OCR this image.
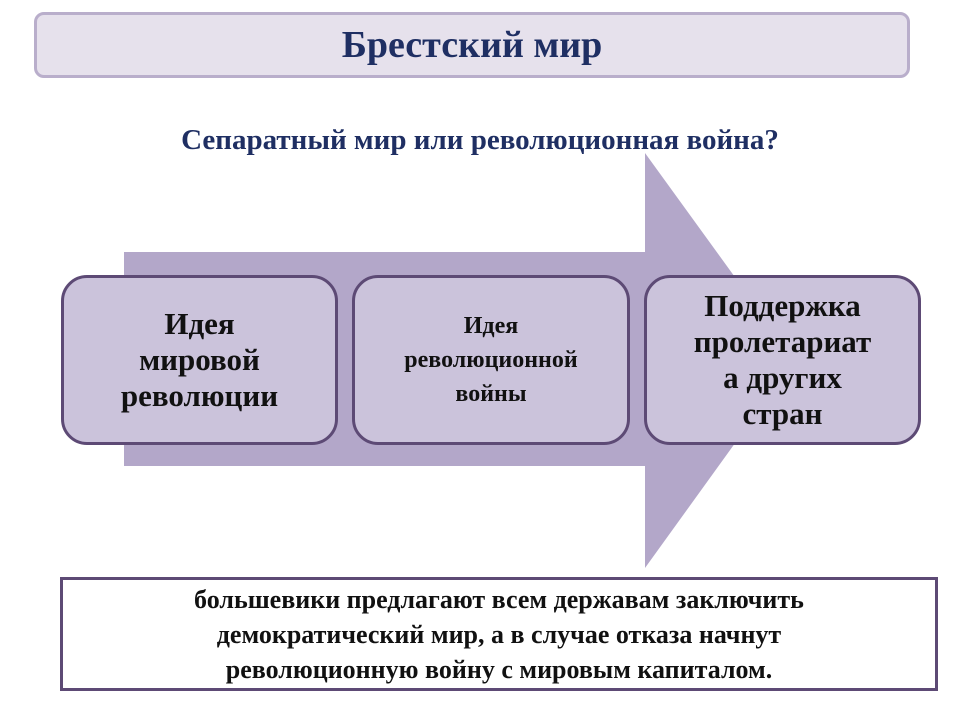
Брестский мир
Сепаратный мир или революционная война?
Идея
мировой
революции
Идея
революционной
войны
Поддержка
пролетариат
а других
стран
большевики предлагают всем державам заключить
демократический мир, а в случае отказа начнут
революционную войну с мировым капиталом.
